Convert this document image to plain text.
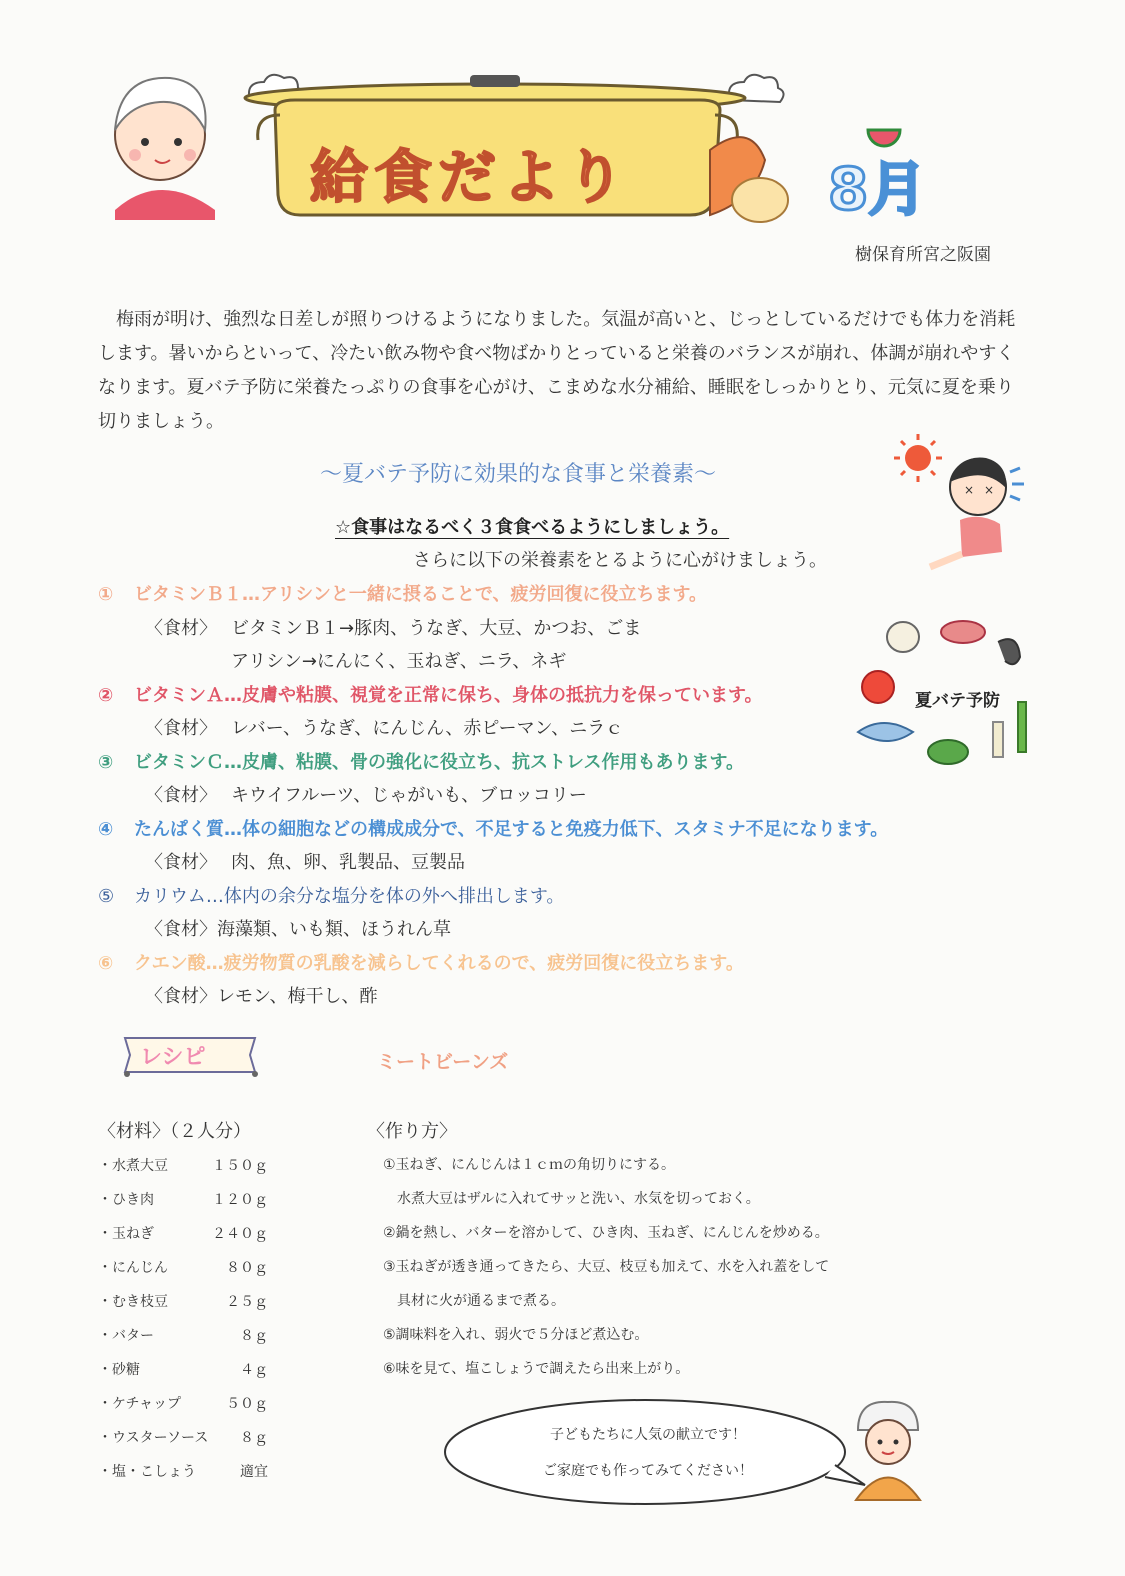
給食だより	8月
樹保育所宮之阪園

梅雨が明け、強烈な日差しが照りつけるようになりました。気温が高いと、じっとしているだけでも体力を消耗します。暑いからといって、冷たい飲み物や食べ物ばかりとっていると栄養のバランスが崩れ、体調が崩れやすくなります。夏バテ予防に栄養たっぷりの食事を心がけ、こまめな水分補給、睡眠をしっかりとり、元気に夏を乗り切りましょう。

～夏バテ予防に効果的な食事と栄養素～
× ×
☆食事はなるべく３食食べるようにしましょう。
さらに以下の栄養素をとるように心がけましょう。
① ビタミンＢ１…アリシンと一緒に摂ることで、疲労回復に役立ちます。
〈食材〉 ビタミンＢ１→豚肉、うなぎ、大豆、かつお、ごま
アリシン→にんにく、玉ねぎ、ニラ、ネギ
② ビタミンＡ…皮膚や粘膜、視覚を正常に保ち、身体の抵抗力を保っています。
〈食材〉 レバー、うなぎ、にんじん、赤ピーマン、ニラｃ
③ ビタミンＣ…皮膚、粘膜、骨の強化に役立ち、抗ストレス作用もあります。
〈食材〉 キウイフルーツ、じゃがいも、ブロッコリー
④ たんぱく質…体の細胞などの構成成分で、不足すると免疫力低下、スタミナ不足になります。
〈食材〉 肉、魚、卵、乳製品、豆製品
⑤ カリウム…体内の余分な塩分を体の外へ排出します。
〈食材〉海藻類、いも類、ほうれん草
⑥ クエン酸…疲労物質の乳酸を減らしてくれるので、疲労回復に役立ちます。
〈食材〉レモン、梅干し、酢
夏バテ予防
レシピ	ミートビーンズ
〈材料〉（２人分）	〈作り方〉
・水煮大豆	１５０ｇ
・ひき肉	１２０ｇ
・玉ねぎ	２４０ｇ
・にんじん	８０ｇ
・むき枝豆	２５ｇ
・バター	８ｇ
・砂糖	４ｇ
・ケチャップ	５０ｇ
・ウスターソース ８ｇ
・塩・こしょう	適宜
①玉ねぎ、にんじんは１ｃｍの角切りにする。
　水煮大豆はザルに入れてサッと洗い、水気を切っておく。
②鍋を熱し、バターを溶かして、ひき肉、玉ねぎ、にんじんを炒める。
③玉ねぎが透き通ってきたら、大豆、枝豆も加えて、水を入れ蓋をして
　具材に火が通るまで煮る。
⑤調味料を入れ、弱火で５分ほど煮込む。
⑥味を見て、塩こしょうで調えたら出来上がり。
子どもたちに人気の献立です！
ご家庭でも作ってみてください！
